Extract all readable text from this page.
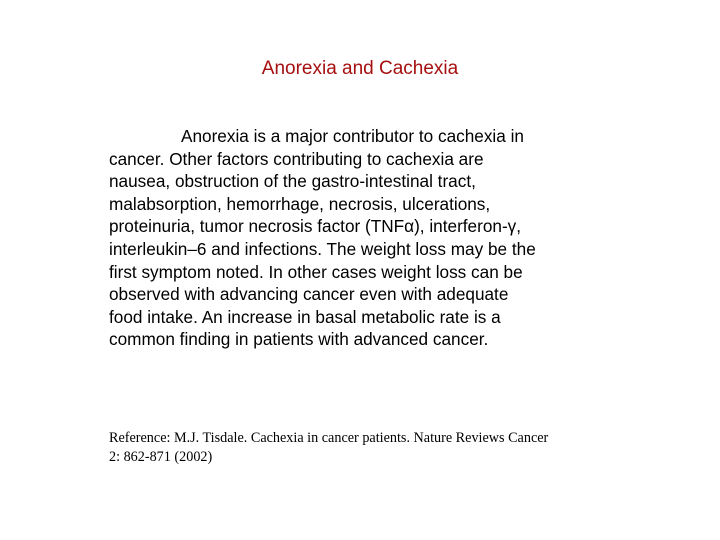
Anorexia and Cachexia
Anorexia is a major contributor to cachexia in
cancer. Other factors contributing to cachexia are
nausea, obstruction of the gastro-intestinal tract,
malabsorption, hemorrhage, necrosis, ulcerations,
proteinuria, tumor necrosis factor (TNFα), interferon-γ,
interleukin–6 and infections. The weight loss may be the
first symptom noted. In other cases weight loss can be
observed with advancing cancer even with adequate
food intake. An increase in basal metabolic rate is a
common finding in patients with advanced cancer.
Reference: M.J. Tisdale. Cachexia in cancer patients. Nature Reviews Cancer
2: 862-871 (2002)
